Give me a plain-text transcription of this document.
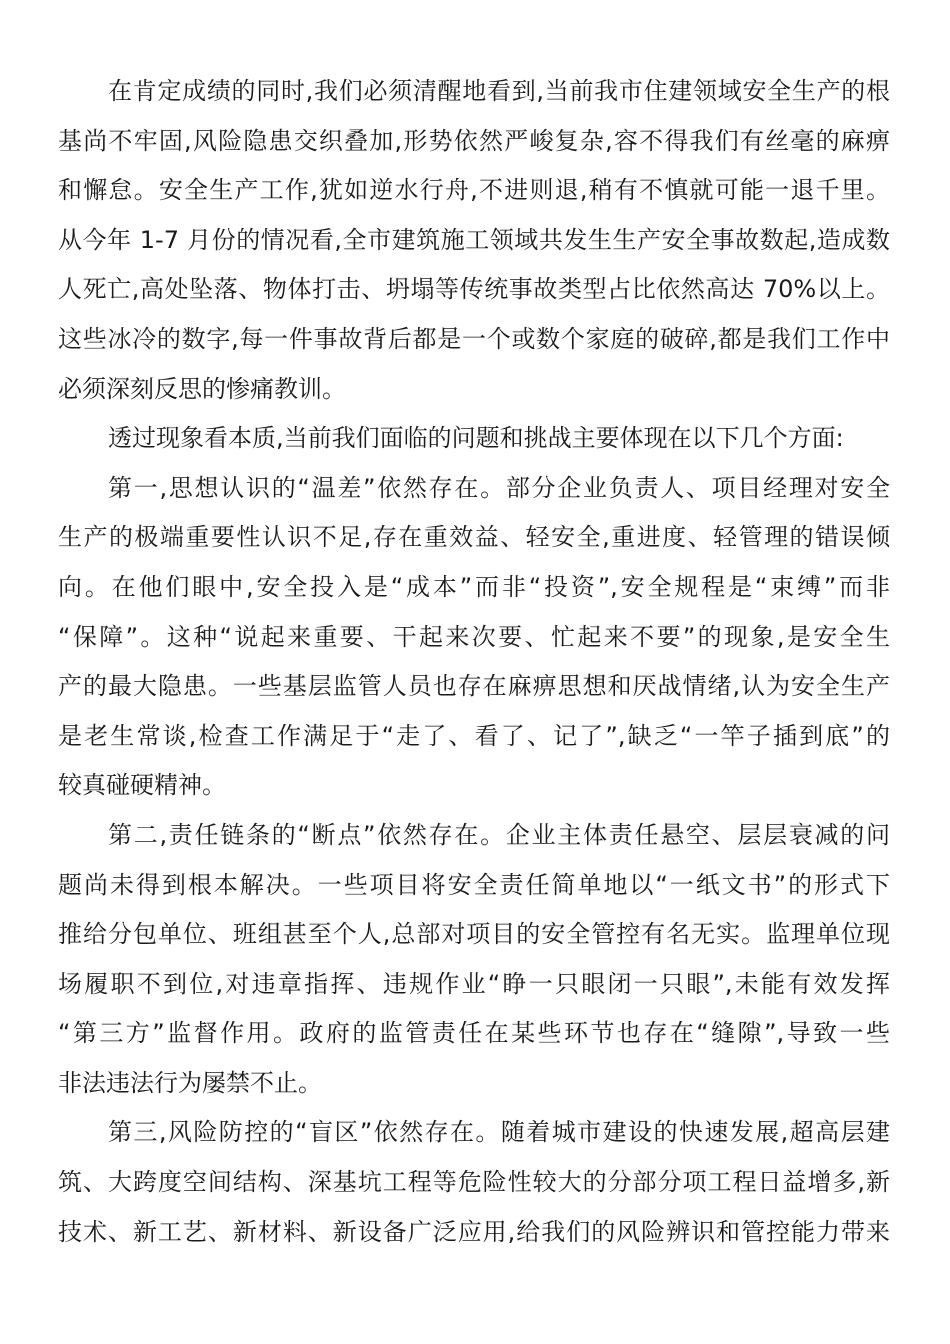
在肯定成绩的同时,我们必须清醒地看到,当前我市住建领域安全生产的根
基尚不牢固,风险隐患交织叠加,形势依然严峻复杂,容不得我们有丝毫的麻痹
和懈怠。安全生产工作,犹如逆水行舟,不进则退,稍有不慎就可能一退千里。
从今年 1-7 月份的情况看,全市建筑施工领域共发生生产安全事故数起,造成数
人死亡,高处坠落、物体打击、坍塌等传统事故类型占比依然高达 70%以上。
这些冰冷的数字,每一件事故背后都是一个或数个家庭的破碎,都是我们工作中
必须深刻反思的惨痛教训。
透过现象看本质,当前我们面临的问题和挑战主要体现在以下几个方面:
第一,思想认识的“温差”依然存在。部分企业负责人、项目经理对安全
生产的极端重要性认识不足,存在重效益、轻安全,重进度、轻管理的错误倾
向。在他们眼中,安全投入是“成本”而非“投资”,安全规程是“束缚”而非
“保障”。这种“说起来重要、干起来次要、忙起来不要”的现象,是安全生
产的最大隐患。一些基层监管人员也存在麻痹思想和厌战情绪,认为安全生产
是老生常谈,检查工作满足于“走了、看了、记了”,缺乏“一竿子插到底”的
较真碰硬精神。
第二,责任链条的“断点”依然存在。企业主体责任悬空、层层衰减的问
题尚未得到根本解决。一些项目将安全责任简单地以“一纸文书”的形式下
推给分包单位、班组甚至个人,总部对项目的安全管控有名无实。监理单位现
场履职不到位,对违章指挥、违规作业“睁一只眼闭一只眼”,未能有效发挥
“第三方”监督作用。政府的监管责任在某些环节也存在“缝隙”,导致一些
非法违法行为屡禁不止。
第三,风险防控的“盲区”依然存在。随着城市建设的快速发展,超高层建
筑、大跨度空间结构、深基坑工程等危险性较大的分部分项工程日益增多,新
技术、新工艺、新材料、新设备广泛应用,给我们的风险辨识和管控能力带来
